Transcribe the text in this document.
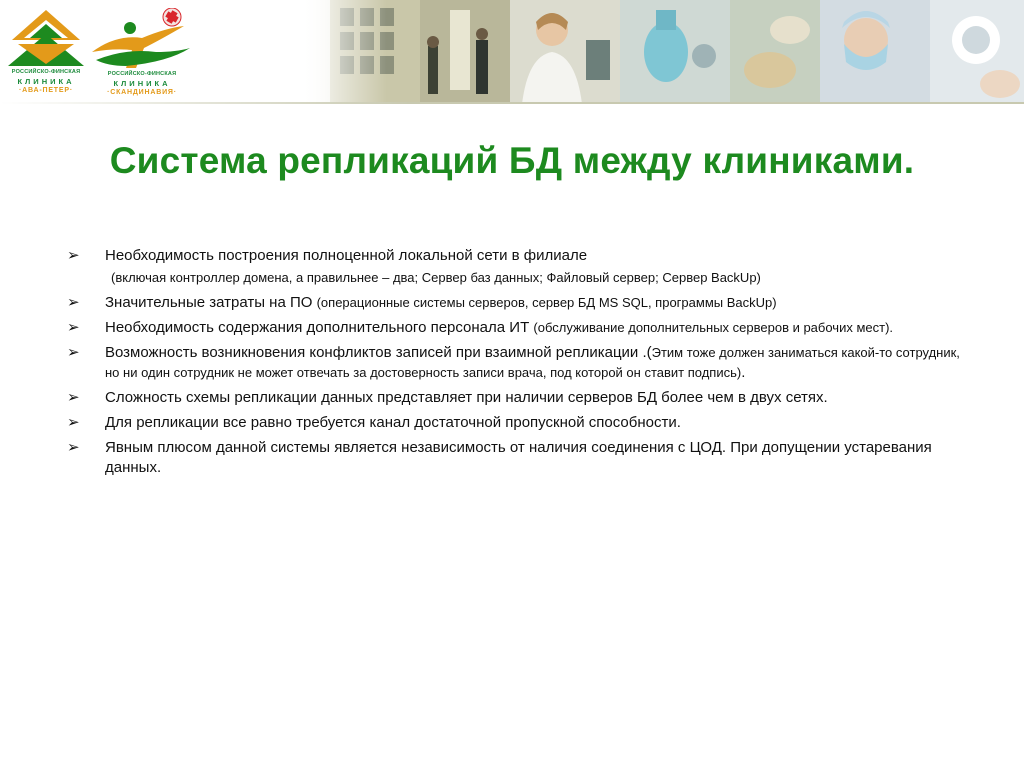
РОССИЙСКО-ФИНСКАЯ
КЛИНИКА
·АВА-ПЕТЕР·
РОССИЙСКО-ФИНСКАЯ
КЛИНИКА
·СКАНДИНАВИЯ·
Система репликаций БД между клиниками.
➢ Необходимость построения полноценной локальной сети в филиале
(включая контроллер домена, а правильнее – два; Сервер баз данных; Файловый сервер; Сервер BackUp)
➢ Значительные затраты на ПО (операционные системы серверов, сервер БД MS SQL, программы BackUp)
➢ Необходимость содержания дополнительного персонала ИТ (обслуживание дополнительных серверов и рабочих мест).
➢ Возможность возникновения конфликтов записей при взаимной репликации .(Этим тоже должен заниматься какой-то сотрудник, но ни один сотрудник не может отвечать за достоверность записи врача, под которой он ставит подпись).
➢ Сложность схемы репликации данных представляет при наличии серверов БД более чем в двух сетях.
➢ Для репликации все равно требуется канал достаточной пропускной способности.
➢ Явным плюсом данной системы является независимость от наличия соединения с ЦОД. При допущении устаревания данных.
